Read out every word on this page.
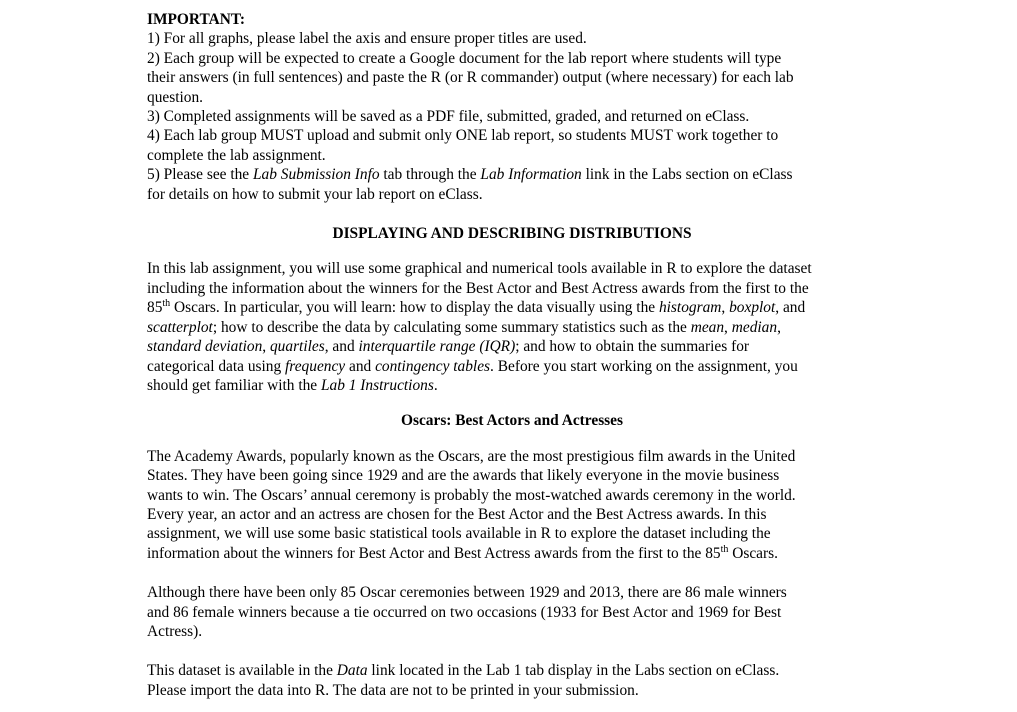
IMPORTANT:
1) For all graphs, please label the axis and ensure proper titles are used.
2) Each group will be expected to create a Google document for the lab report where students will type
their answers (in full sentences) and paste the R (or R commander) output (where necessary) for each lab
question.
3) Completed assignments will be saved as a PDF file, submitted, graded, and returned on eClass.
4) Each lab group MUST upload and submit only ONE lab report, so students MUST work together to
complete the lab assignment.
5) Please see the Lab Submission Info tab through the Lab Information link in the Labs section on eClass
for details on how to submit your lab report on eClass.
DISPLAYING AND DESCRIBING DISTRIBUTIONS
In this lab assignment, you will use some graphical and numerical tools available in R to explore the dataset
including the information about the winners for the Best Actor and Best Actress awards from the first to the
85th Oscars. In particular, you will learn: how to display the data visually using the histogram, boxplot, and
scatterplot; how to describe the data by calculating some summary statistics such as the mean, median,
standard deviation, quartiles, and interquartile range (IQR); and how to obtain the summaries for
categorical data using frequency and contingency tables. Before you start working on the assignment, you
should get familiar with the Lab 1 Instructions.
Oscars: Best Actors and Actresses
The Academy Awards, popularly known as the Oscars, are the most prestigious film awards in the United
States. They have been going since 1929 and are the awards that likely everyone in the movie business
wants to win. The Oscars’ annual ceremony is probably the most-watched awards ceremony in the world.
Every year, an actor and an actress are chosen for the Best Actor and the Best Actress awards. In this
assignment, we will use some basic statistical tools available in R to explore the dataset including the
information about the winners for Best Actor and Best Actress awards from the first to the 85th Oscars.
Although there have been only 85 Oscar ceremonies between 1929 and 2013, there are 86 male winners
and 86 female winners because a tie occurred on two occasions (1933 for Best Actor and 1969 for Best
Actress).
This dataset is available in the Data link located in the Lab 1 tab display in the Labs section on eClass.
Please import the data into R. The data are not to be printed in your submission.
